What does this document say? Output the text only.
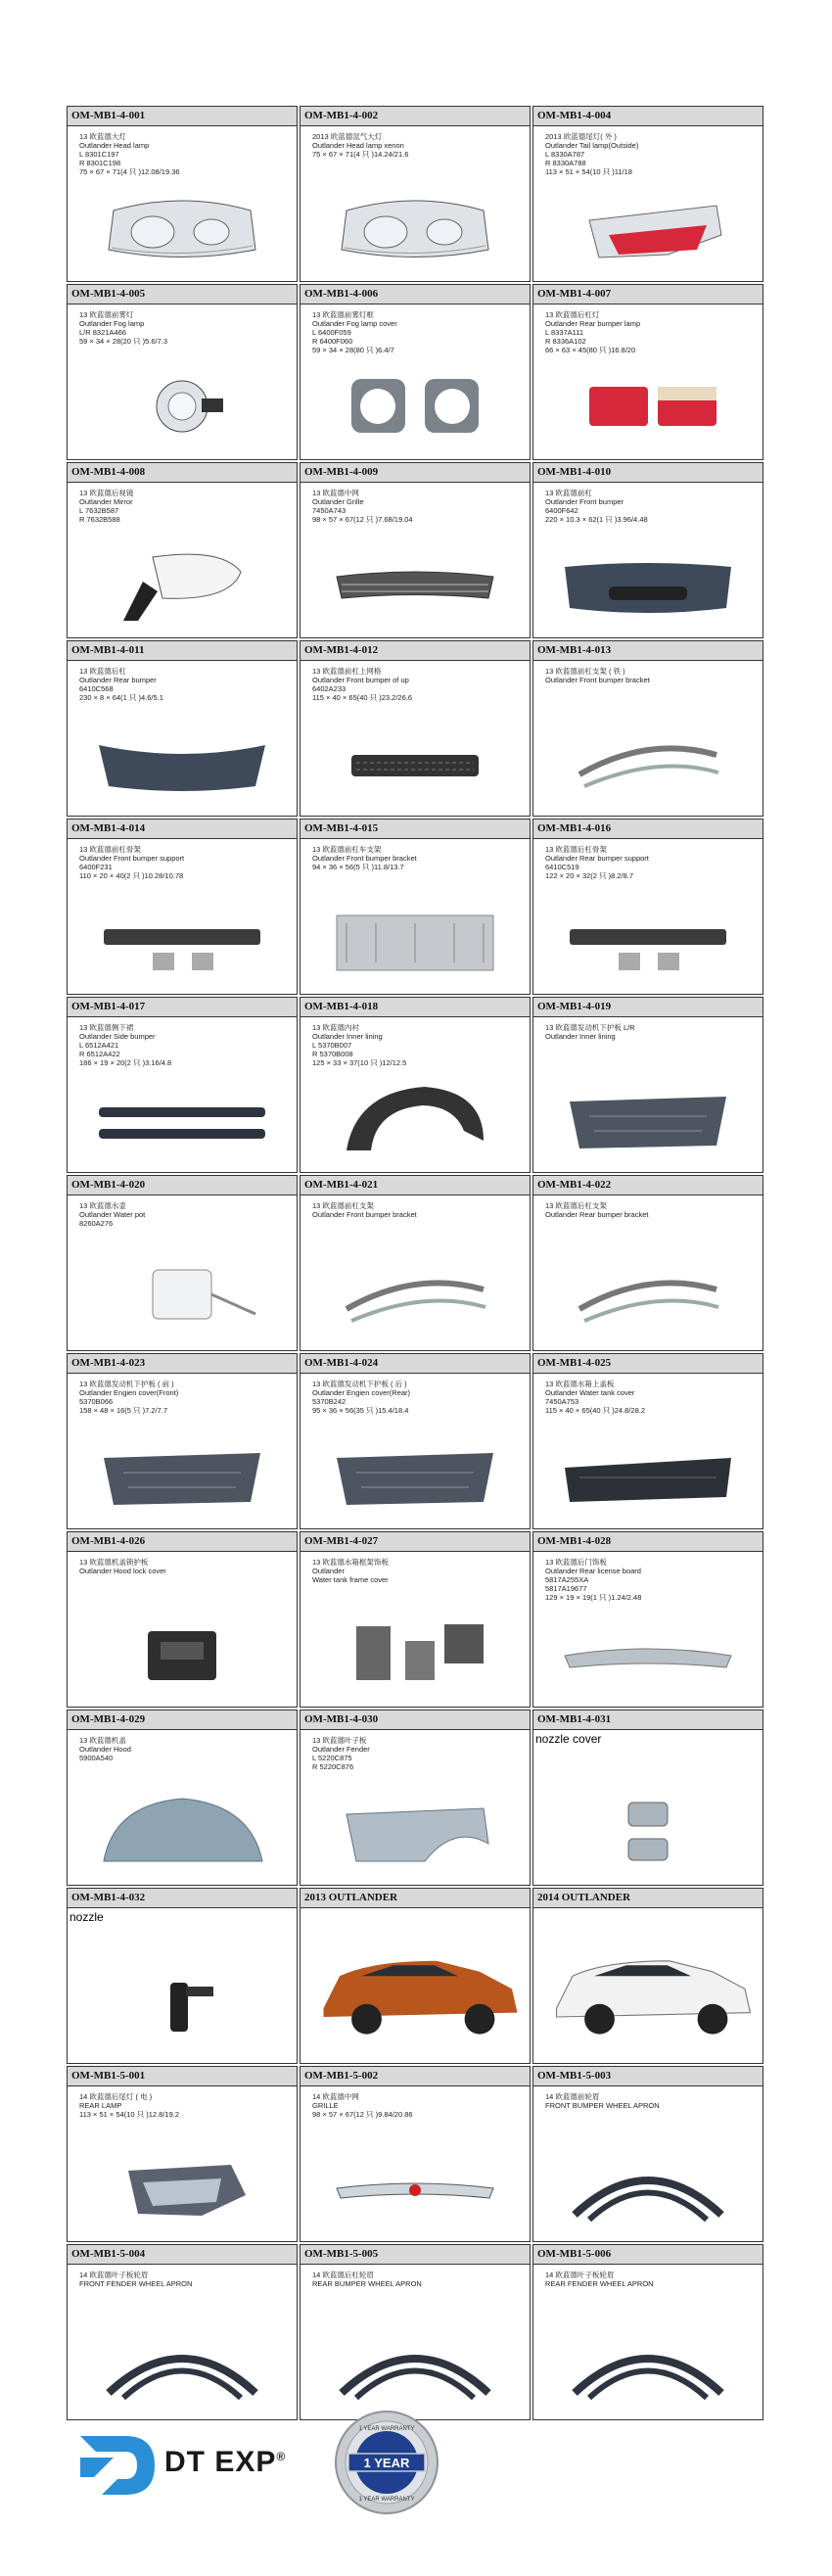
OM-MB1-4-001
13 欧蓝德大灯
Outlander Head lamp
L 8301C197
R 8301C198
75 × 67 × 71(4 只 )12.08/19.36
OM-MB1-4-002
2013 欧蓝德氙气大灯
Outlander Head lamp xenon
75 × 67 × 71(4 只 )14.24/21.6
OM-MB1-4-004
2013 欧蓝德尾灯( 外 )
Outlander Tail lamp(Outside)
L 8330A787
R 8330A788
113 × 51 × 54(10 只 )11/18
OM-MB1-4-005
13 欧蓝德前雾灯
Outlander Fog lamp
L/R 8321A466
59 × 34 × 28(20 只 )5.6/7.3
OM-MB1-4-006
13 欧蓝德前雾灯框
Outlander Fog lamp cover
L 6400F059
R 6400F060
59 × 34 × 28(80 只 )6.4/7
OM-MB1-4-007
13 欧蓝德后杠灯
Outlander Rear bumper lamp
L 8337A111
R 8336A102
66 × 63 × 45(80 只 )16.8/20
OM-MB1-4-008
13 欧蓝德后视镜
Outlander Mirror
L 7632B587
R 7632B588
OM-MB1-4-009
13 欧蓝德中网
Outlander Grille
7450A743
98 × 57 × 67(12 只 )7.68/19.04
OM-MB1-4-010
13 欧蓝德前杠
Outlander Front bumper
6400F642
220 × 10.3 × 62(1 只 )3.96/4.48
OM-MB1-4-011
13 欧蓝德后杠
Outlander Rear bumper
6410C568
230 × 8 × 64(1 只 )4.6/5.1
OM-MB1-4-012
13 欧蓝德前杠上网格
Outlander Front bumper of up
6402A233
115 × 40 × 65(40 只 )23.2/26.6
OM-MB1-4-013
13 欧蓝德前杠支架 ( 铁 )
Outlander Front bumper bracket
OM-MB1-4-014
13 欧蓝德前杠骨架
Outlander Front bumper support
6400F231
110 × 20 × 40(2 只 )10.28/10.78
OM-MB1-4-015
13 欧蓝德前杠车支架
Outlander Front bumper bracket
94 × 36 × 56(5 只 )11.8/13.7
OM-MB1-4-016
13 欧蓝德后杠骨架
Outlander Rear bumper support
6410C519
122 × 20 × 32(2 只 )8.2/8.7
OM-MB1-4-017
13 欧蓝德侧下裙
Outlander Side bumper
L 6512A421
R 6512A422
186 × 19 × 20(2 只 )3.16/4.8
OM-MB1-4-018
13 欧蓝德内衬
Outlander Inner lining
L 5370B007
R 5370B008
125 × 33 × 37(10 只 )12/12.5
OM-MB1-4-019
13 欧蓝德发动机下护板 L/R
Outlander Inner lining
OM-MB1-4-020
13 欧蓝德水壶
Outlander Water pot
8260A276
OM-MB1-4-021
13 欧蓝德前杠支架
Outlander Front bumper bracket
OM-MB1-4-022
13 欧蓝德后杠支架
Outlander Rear bumper bracket
OM-MB1-4-023
13 欧蓝德发动机下护板 ( 前 )
Outlander Engien cover(Front)
5370B066
158 × 48 × 16(5 只 )7.2/7.7
OM-MB1-4-024
13 欧蓝德发动机下护板 ( 后 )
Outlander Engien cover(Rear)
5370B242
95 × 36 × 56(35 只 )15.4/18.4
OM-MB1-4-025
13 欧蓝德水箱上盖板
Outlander Water tank cover
7450A753
115 × 40 × 65(40 只 )24.8/28.2
OM-MB1-4-026
13 欧蓝德机盖锁护板
Outlander Hood lock cover
OM-MB1-4-027
13 欧蓝德水箱框架饰板
Outlander
Water tank frame cover
OM-MB1-4-028
13 欧蓝德后门饰板
Outlander Rear license board
5817A255XA
5817A19677
129 × 19 × 19(1 只 )1.24/2.48
OM-MB1-4-029
13 欧蓝德机盖
Outlander Hood
5900A540
OM-MB1-4-030
13 欧蓝德叶子板
Outlander Fender
L 5220C875
R 5220C876
OM-MB1-4-031
nozzle cover
OM-MB1-4-032
nozzle
2013 OUTLANDER	2014 OUTLANDER
OM-MB1-5-001
14 欧蓝德后尾灯 ( 电 )
REAR LAMP
113 × 51 × 54(10 只 )12.8/19.2
OM-MB1-5-002
14 欧蓝德中网
GRILLE
98 × 57 × 67(12 只 )9.84/20.86
OM-MB1-5-003
14 欧蓝德前轮眉
FRONT BUMPER WHEEL APRON
OM-MB1-5-004
14 欧蓝德叶子板轮眉
FRONT FENDER WHEEL APRON
OM-MB1-5-005
14 欧蓝德后杠轮眉
REAR BUMPER WHEEL APRON
OM-MB1-5-006
14 欧蓝德叶子板轮眉
REAR FENDER WHEEL APRON
DT EXP®	1 YEAR
1 YEAR WARRANTY
1 YEAR WARRANTY
